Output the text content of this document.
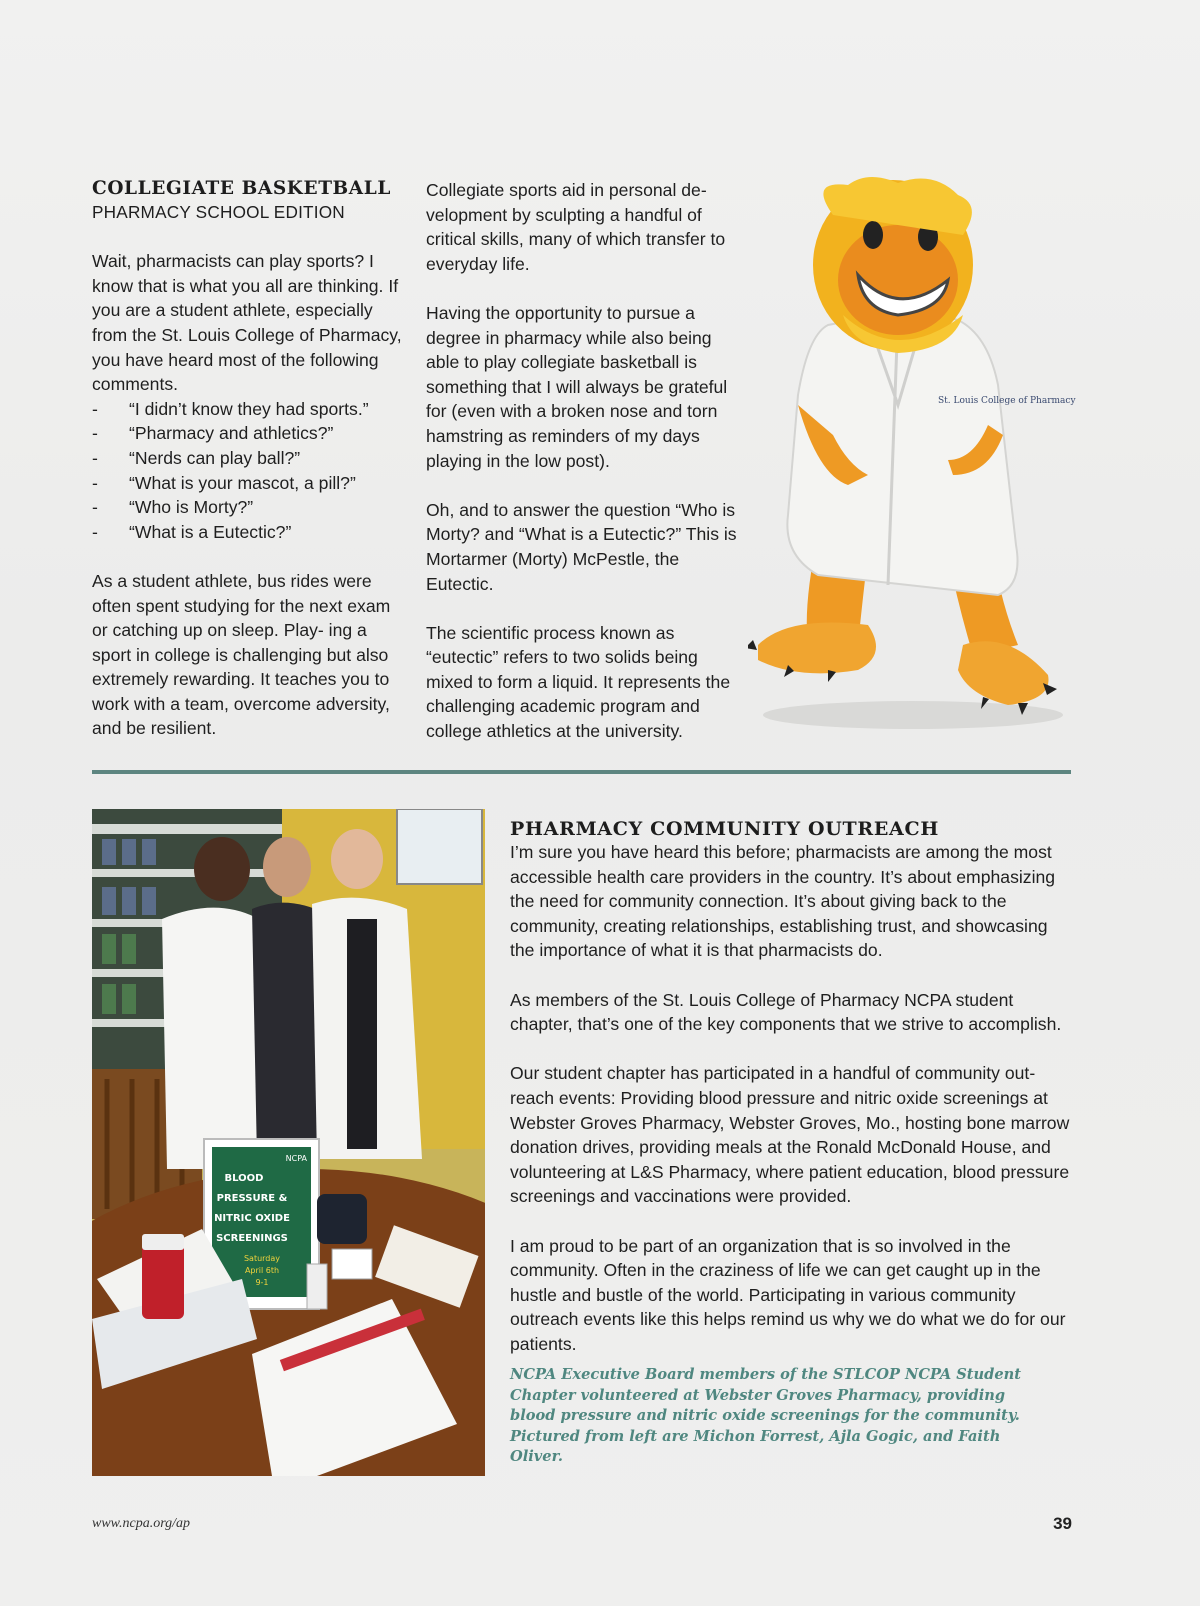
COLLEGIATE BASKETBALL
PHARMACY SCHOOL EDITION

Wait, pharmacists can play sports? I know that is what you all are thinking. If you are a student athlete, especially from the St. Louis College of Pharmacy, you have heard most of the following comments.

- “I didn’t know they had sports.”
- “Pharmacy and athletics?”
- “Nerds can play ball?”
- “What is your mascot, a pill?”
- “Who is Morty?”
- “What is a Eutectic?”

As a student athlete, bus rides were often spent studying for the next exam or catching up on sleep. Play- ing a sport in college is challenging but also extremely rewarding. It teaches you to work with a team, overcome adversity, and be resilient.

Collegiate sports aid in personal de- velopment by sculpting a handful of critical skills, many of which transfer to everyday life.

Having the opportunity to pursue a degree in pharmacy while also being able to play collegiate basketball is something that I will always be grateful for (even with a broken nose and torn hamstring as reminders of my days playing in the low post).

Oh, and to answer the question “Who is Morty? and “What is a Eutectic?” This is Mortarmer (Morty) McPestle, the Eutectic.

The scientific process known as “eutectic” refers to two solids being mixed to form a liquid. It represents the challenging academic program and college athletics at the university.

St. Louis College of Pharmacy
NCPA
BLOOD
PRESSURE &
NITRIC OXIDE
SCREENINGS
Saturday
April 6th
9-1
PHARMACY COMMUNITY OUTREACH

I’m sure you have heard this before; pharmacists are among the most accessible health care providers in the country. It’s about emphasizing the need for community connection. It’s about giving back to the community, creating relationships, establishing trust, and showcasing the importance of what it is that pharmacists do.

As members of the St. Louis College of Pharmacy NCPA student chapter, that’s one of the key components that we strive to accomplish.

Our student chapter has participated in a handful of community out- reach events: Providing blood pressure and nitric oxide screenings at Webster Groves Pharmacy, Webster Groves, Mo., hosting bone marrow donation drives, providing meals at the Ronald McDonald House, and volunteering at L&S Pharmacy, where patient education, blood pressure screenings and vaccinations were provided.

I am proud to be part of an organization that is so involved in the community. Often in the craziness of life we can get caught up in the hustle and bustle of the world. Participating in various community outreach events like this helps remind us why we do what we do for our patients.

NCPA Executive Board members of the STLCOP NCPA Student Chapter volunteered at Webster Groves Pharmacy, providing blood pressure and nitric oxide screenings for the community. Pictured from left are Michon Forrest, Ajla Gogic, and Faith Oliver.

www.ncpa.org/ap	39
